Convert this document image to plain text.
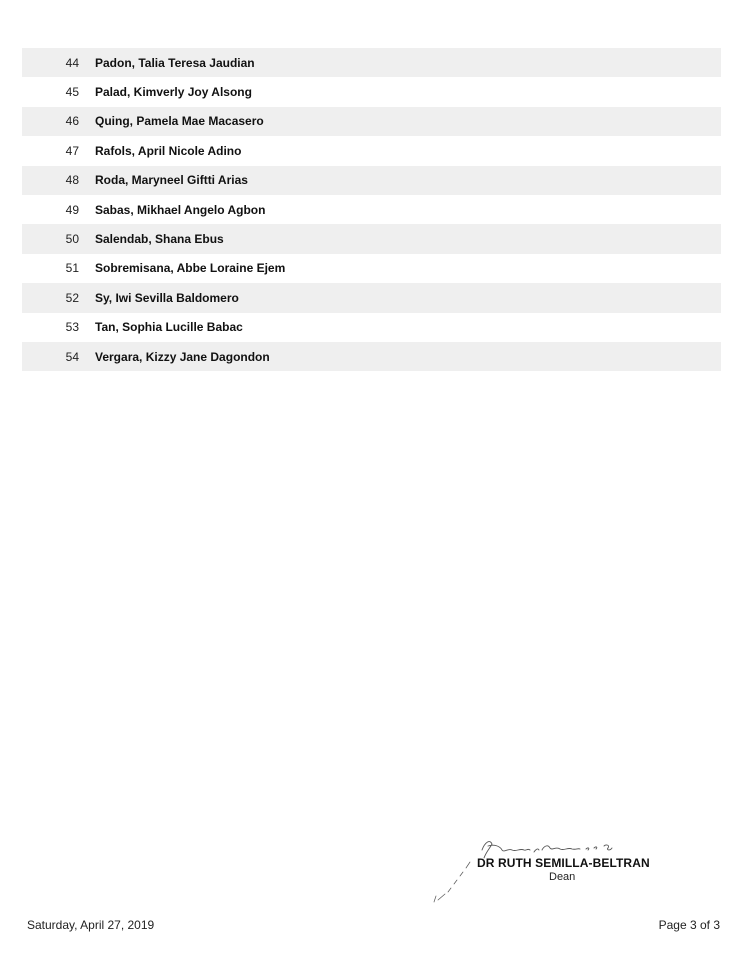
44	Padon, Talia Teresa Jaudian
45	Palad, Kimverly Joy Alsong
46	Quing, Pamela Mae Macasero
47	Rafols, April Nicole Adino
48	Roda, Maryneel Giftti Arias
49	Sabas, Mikhael Angelo Agbon
50	Salendab, Shana Ebus
51	Sobremisana, Abbe Loraine Ejem
52	Sy, Iwi Sevilla Baldomero
53	Tan, Sophia Lucille Babac
54	Vergara, Kizzy Jane Dagondon
DR RUTH SEMILLA-BELTRAN
Dean
Saturday, April 27, 2019	Page 3 of 3
